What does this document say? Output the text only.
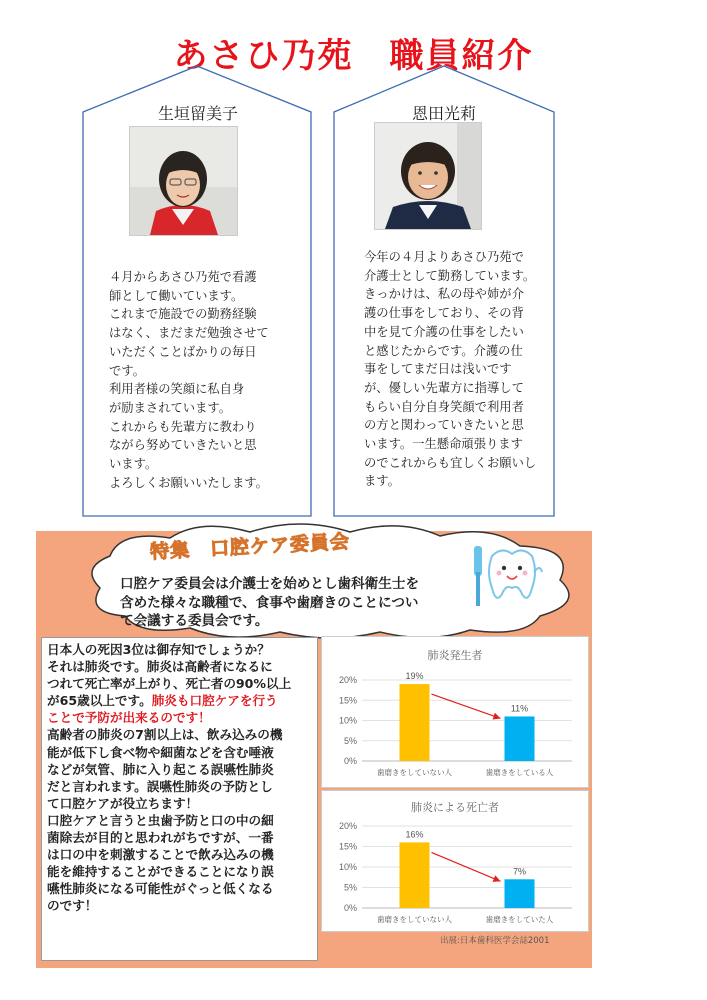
あさひ乃苑　職員紹介
生垣留美子
４月からあさひ乃苑で看護
師として働いています。
これまで施設での勤務経験
はなく、まだまだ勉強させて
いただくことばかりの毎日
です。
利用者様の笑顔に私自身
が励まされています。
これからも先輩方に教わり
ながら努めていきたいと思
います。
よろしくお願いいたします。
恩田光莉
今年の４月よりあさひ乃苑で
介護士として勤務しています。
きっかけは、私の母や姉が介
護の仕事をしており、その背
中を見て介護の仕事をしたい
と感じたからです。介護の仕
事をしてまだ日は浅いです
が、優しい先輩方に指導して
もらい自分自身笑顔で利用者
の方と関わっていきたいと思
います。一生懸命頑張ります
のでこれからも宜しくお願いし
ます。
特集　口腔ケア委員会
口腔ケア委員会は介護士を始めとし歯科衛生士を
含めた様々な職種で、食事や歯磨きのことについ
て会議する委員会です。
日本人の死因3位は御存知でしょうか？
それは肺炎です。肺炎は高齢者になるに
つれて死亡率が上がり、死亡者の90%以上
が65歳以上です。肺炎も口腔ケアを行う
ことで予防が出来るのです！
高齢者の肺炎の7割以上は、飲み込みの機
能が低下し食べ物や細菌などを含む唾液
などが気管、肺に入り起こる誤嚥性肺炎
だと言われます。誤嚥性肺炎の予防とし
て口腔ケアが役立ちます！
口腔ケアと言うと虫歯予防と口の中の細
菌除去が目的と思われがちですが、一番
は口の中を刺激することで飲み込みの機
能を維持することができることになり誤
嚥性肺炎になる可能性がぐっと低くなる
のです！
肺炎発生者
0%
5%
10%
15%
20%	19%
歯磨きをしていない人
11%
歯磨きをしている人
肺炎による死亡者
0%
5%
10%
15%
20%
16%
歯磨きをしていない人
7%
歯磨きをしていた人
出展:日本歯科医学会誌2001
